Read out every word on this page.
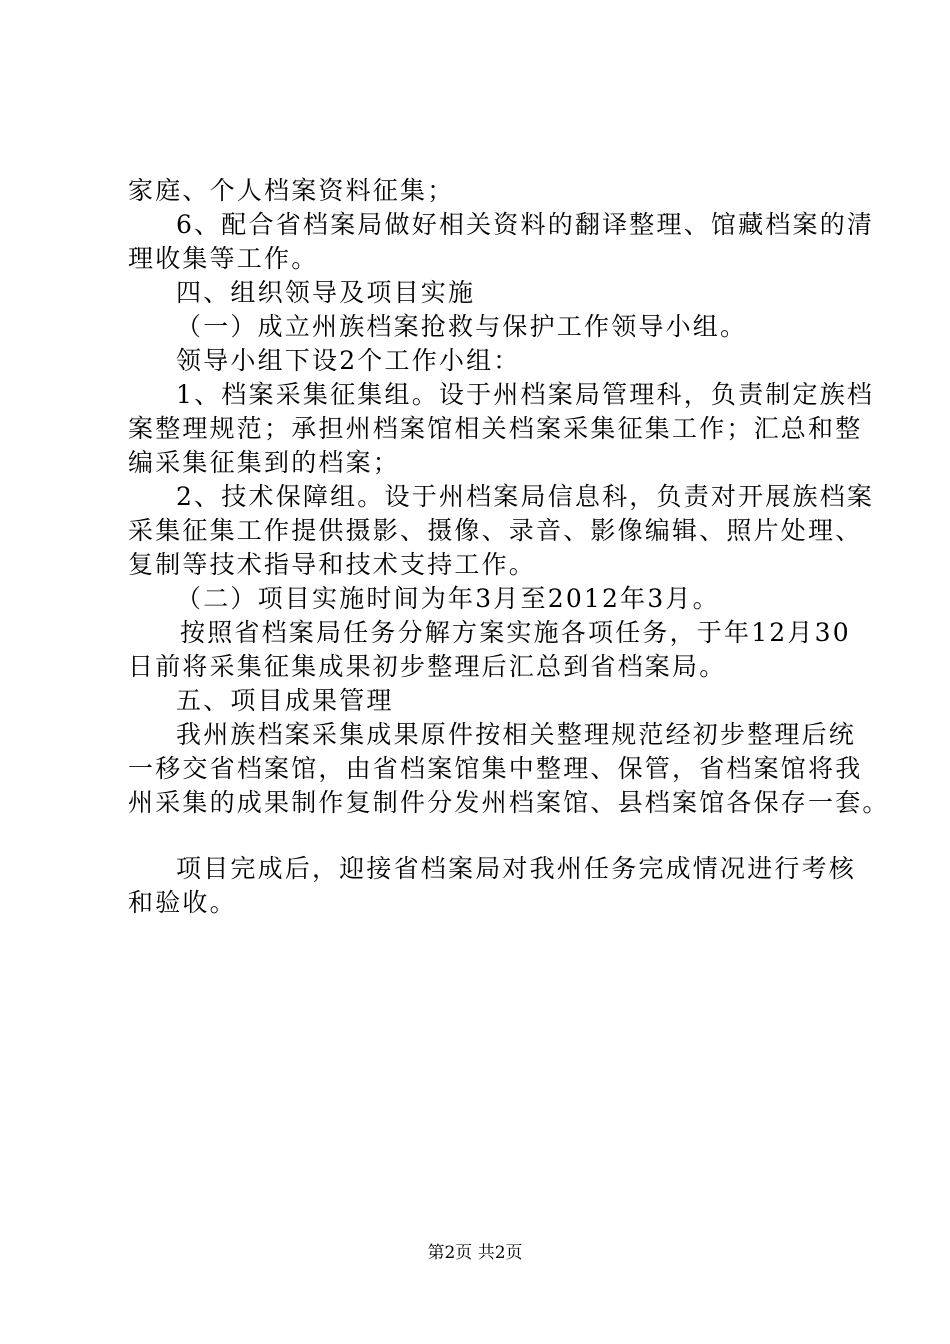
家庭、个人档案资料征集；
6、配合省档案局做好相关资料的翻译整理、馆藏档案的清
理收集等工作。
四、组织领导及项目实施
（一）成立州族档案抢救与保护工作领导小组。
领导小组下设2个工作小组：
1、档案采集征集组。设于州档案局管理科，负责制定族档
案整理规范；承担州档案馆相关档案采集征集工作；汇总和整
编采集征集到的档案；
2、技术保障组。设于州档案局信息科，负责对开展族档案
采集征集工作提供摄影、摄像、录音、影像编辑、照片处理、
复制等技术指导和技术支持工作。
（二）项目实施时间为年3月至2012年3月。
按照省档案局任务分解方案实施各项任务，于年12月30
日前将采集征集成果初步整理后汇总到省档案局。
五、项目成果管理
我州族档案采集成果原件按相关整理规范经初步整理后统
一移交省档案馆，由省档案馆集中整理、保管，省档案馆将我
州采集的成果制作复制件分发州档案馆、县档案馆各保存一套。
项目完成后，迎接省档案局对我州任务完成情况进行考核
和验收。
第2页 共2页
